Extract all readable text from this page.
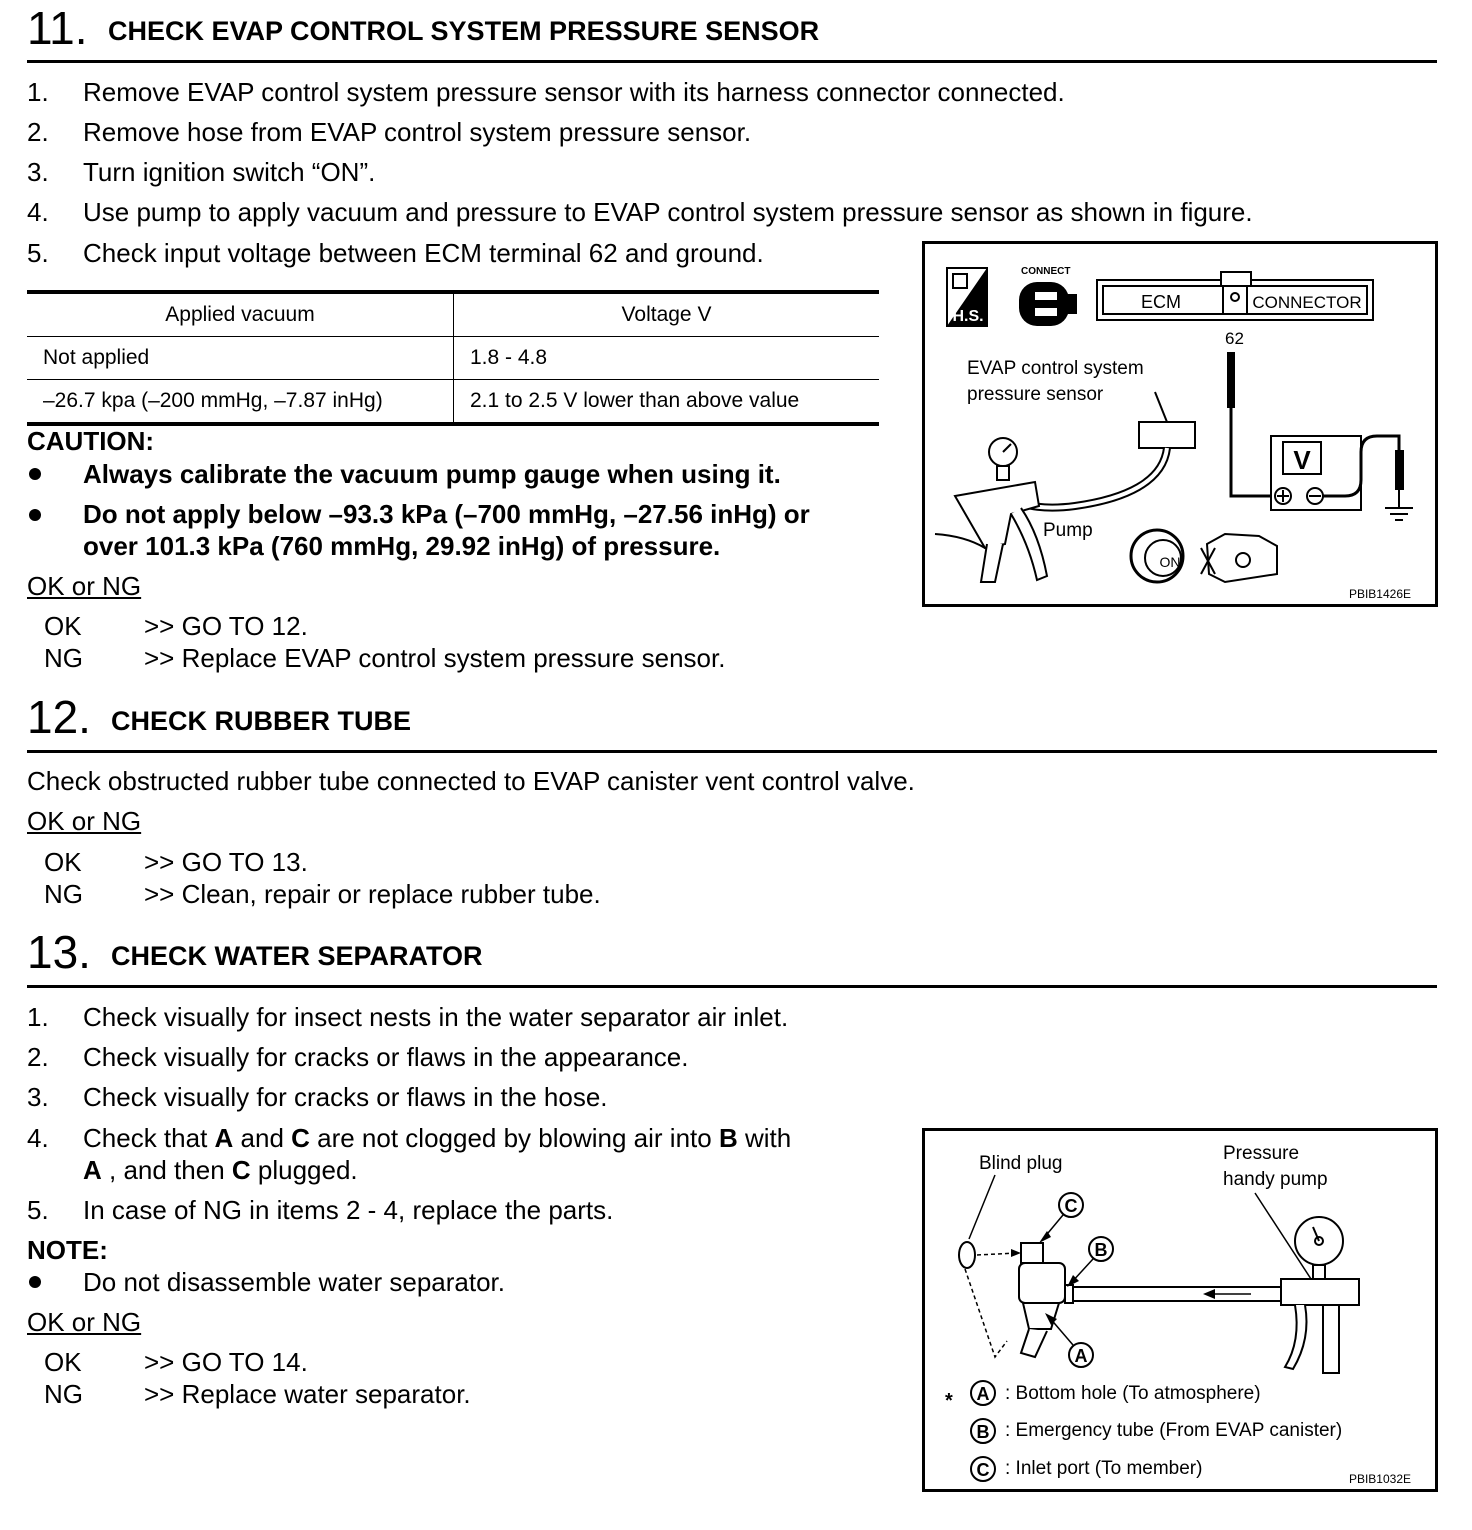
11. CHECK EVAP CONTROL SYSTEM PRESSURE SENSOR
1.	Remove EVAP control system pressure sensor with its harness connector connected.
2.	Remove hose from EVAP control system pressure sensor.
3.	Turn ignition switch “ON”.
4.	Use pump to apply vacuum and pressure to EVAP control system pressure sensor as shown in figure.
5.	Check input voltage between ECM terminal 62 and ground.
Applied vacuum	Voltage V
Not applied	1.8 - 4.8
–26.7 kpa (–200 mmHg, –7.87 inHg)	2.1 to 2.5 V lower than above value
CAUTION:
Always calibrate the vacuum pump gauge when using it.
Do not apply below –93.3 kPa (–700 mmHg, –27.56 inHg) or
over 101.3 kPa (760 mmHg, 29.92 inHg) of pressure.
OK or NG
OK >> GO TO 12.
NG >> Replace EVAP control system pressure sensor.
H.S.
CONNECT
ECM	CONNECTOR
62
V
EVAP control system
pressure sensor
Pump
ON
PBIB1426E
12. CHECK RUBBER TUBE
Check obstructed rubber tube connected to EVAP canister vent control valve.
OK or NG
OK >> GO TO 13.
NG >> Clean, repair or replace rubber tube.
13. CHECK WATER SEPARATOR
1.	Check visually for insect nests in the water separator air inlet.
2.	Check visually for cracks or flaws in the appearance.
3.	Check visually for cracks or flaws in the hose.
4.	Check that A and C are not clogged by blowing air into B with
A , and then C plugged.
5.	In case of NG in items 2 - 4, replace the parts.
NOTE:
Do not disassemble water separator.
OK or NG
OK >> GO TO 14.
NG >> Replace water separator.
Blind plug	Pressure
handy pump
C
B
A
* A : Bottom hole (To atmosphere)
B : Emergency tube (From EVAP canister)
C : Inlet port (To member)	PBIB1032E
